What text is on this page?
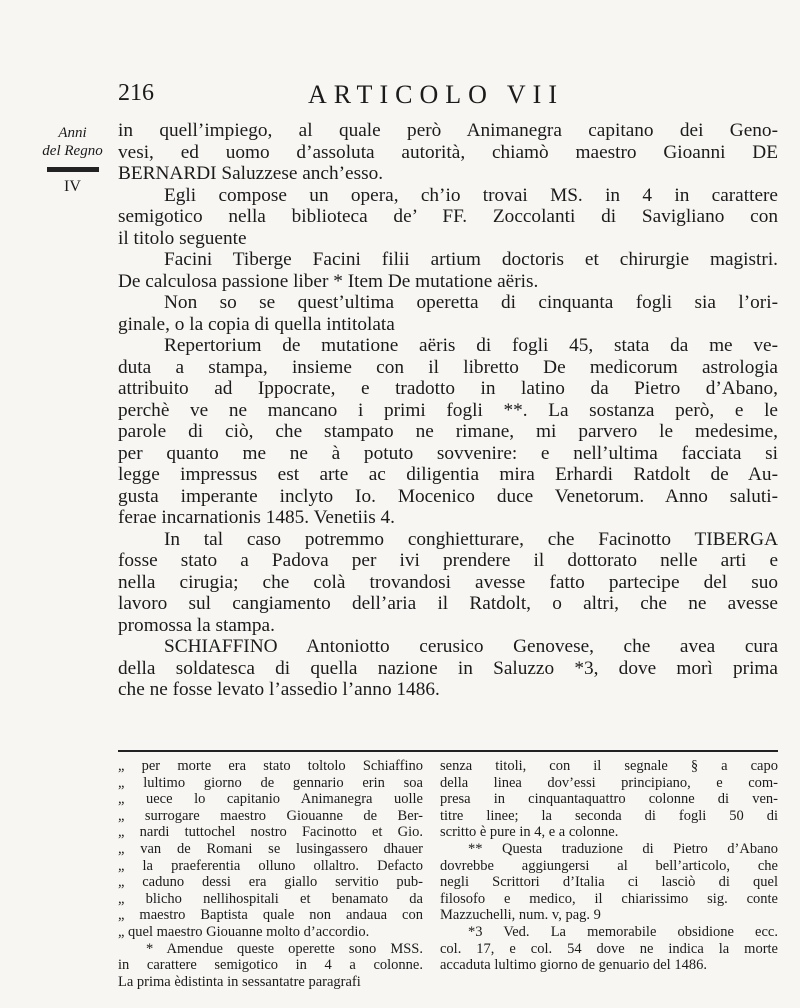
216	ARTICOLO VII
Anni
del Regno
IV
in quell’impiego, al quale però Animanegra capitano dei Geno-
vesi, ed uomo d’assoluta autorità, chiamò maestro Gioanni DE
BERNARDI Saluzzese anch’esso.
Egli compose un opera, ch’io trovai MS. in 4 in carattere
semigotico nella biblioteca de’ FF. Zoccolanti di Savigliano con
il titolo seguente
Facini Tiberge Facini filii artium doctoris et chirurgie magistri.
De calculosa passione liber * Item De mutatione aëris.
Non so se quest’ultima operetta di cinquanta fogli sia l’ori-
ginale, o la copia di quella intitolata
Repertorium de mutatione aëris di fogli 45, stata da me ve-
duta a stampa, insieme con il libretto De medicorum astrologia
attribuito ad Ippocrate, e tradotto in latino da Pietro d’Abano,
perchè ve ne mancano i primi fogli **. La sostanza però, e le
parole di ciò, che stampato ne rimane, mi parvero le medesime,
per quanto me ne à potuto sovvenire: e nell’ultima facciata si
legge impressus est arte ac diligentia mira Erhardi Ratdolt de Au-
gusta imperante inclyto Io. Mocenico duce Venetorum. Anno saluti-
ferae incarnationis 1485. Venetiis 4.
In tal caso potremmo conghietturare, che Facinotto TIBERGA
fosse stato a Padova per ivi prendere il dottorato nelle arti e
nella cirugia; che colà trovandosi avesse fatto partecipe del suo
lavoro sul cangiamento dell’aria il Ratdolt, o altri, che ne avesse
promossa la stampa.
SCHIAFFINO Antoniotto cerusico Genovese, che avea cura
della soldatesca di quella nazione in Saluzzo *3, dove morì prima
che ne fosse levato l’assedio l’anno 1486.
„ per morte era stato toltolo Schiaffino
„ lultimo giorno de gennario erin soa
„ uece lo capitanio Animanegra uolle
„ surrogare maestro Giouanne de Ber-
„ nardi tuttochel nostro Facinotto et Gio.
„ van de Romani se lusingassero dhauer
„ la praeferentia olluno ollaltro. Defacto
„ caduno dessi era giallo servitio pub-
„ blicho nellihospitali et benamato da
„ maestro Baptista quale non andaua con
„ quel maestro Giouanne molto d’accordio.
* Amendue queste operette sono MSS.
in carattere semigotico in 4 a colonne.
La prima èdistinta in sessantatre paragrafi
senza titoli, con il segnale § a capo
della linea dov’essi principiano, e com-
presa in cinquantaquattro colonne di ven-
titre linee; la seconda di fogli 50 di
scritto è pure in 4, e a colonne.
** Questa traduzione di Pietro d’Abano
dovrebbe aggiungersi al bell’articolo, che
negli Scrittori d’Italia ci lasciò di quel
filosofo e medico, il chiarissimo sig. conte
Mazzuchelli, num. v, pag. 9
*3 Ved. La memorabile obsidione ecc.
col. 17, e col. 54 dove ne indica la morte
accaduta lultimo giorno de genuario del 1486.
